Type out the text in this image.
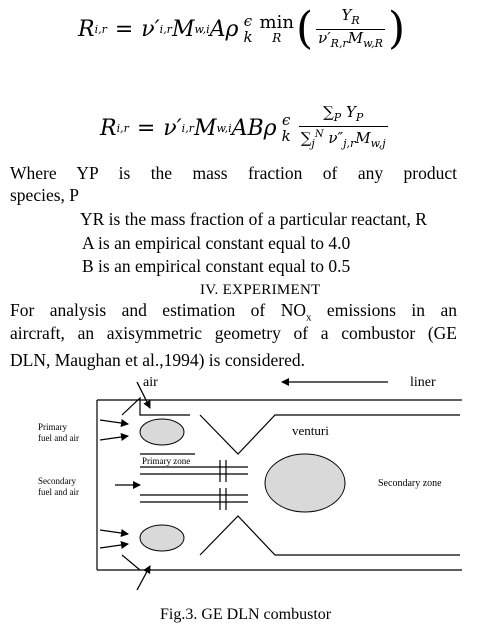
R i,r = ν′ i,r M w,i Aρ ϵ
k
min
R ( $\frac{Y_R}{\nu'_{R,r}M_{w,R}}$ )
R i,r = ν′ i,r M w,i ABρ ϵ
k $\frac{\sum_P Y_P}{\sum_j^N \nu''_{j,r}M_{w,j}}$
Where YP is the mass fraction of any product
species, P
YR is the mass fraction of a particular reactant, R
A is an empirical constant equal to 4.0
B is an empirical constant equal to 0.5
IV. EXPERIMENT
For analysis and estimation of $NO_x$ emissions in an
aircraft, an axisymmetric geometry of a combustor (GE
DLN, Maughan et al.,1994) is considered.
air	liner
venturi
Primary
fuel and air
Primary zone
Secondary
fuel and air
Secondary zone
Fig.3. GE DLN combustor
